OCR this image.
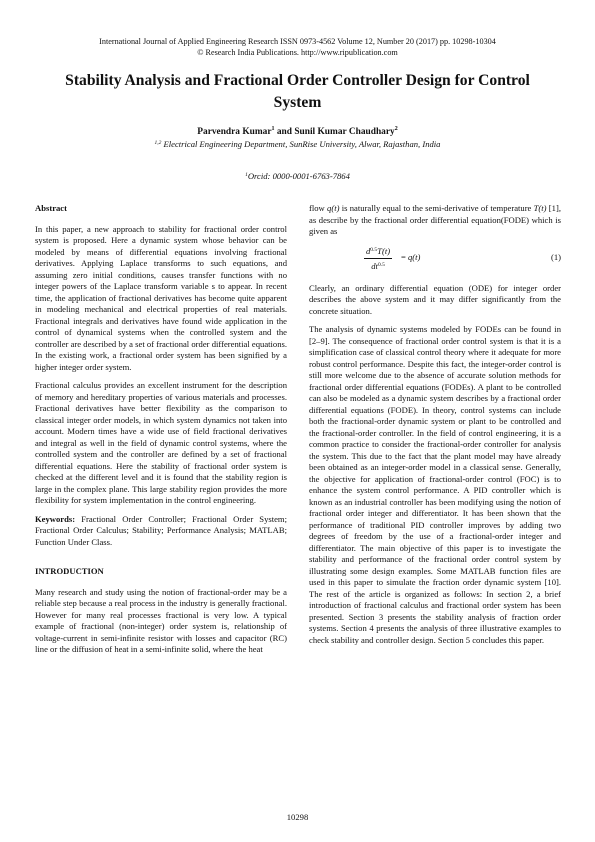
International Journal of Applied Engineering Research ISSN 0973-4562 Volume 12, Number 20 (2017) pp. 10298-10304
© Research India Publications. http://www.ripublication.com
Stability Analysis and Fractional Order Controller Design for Control System
Parvendra Kumar$^1$ and Sunil Kumar Chaudhary$^2$
$^{1,2}$ Electrical Engineering Department, SunRise University, Alwar, Rajasthan, India
$^1$Orcid: 0000-0001-6763-7864
Abstract

In this paper, a new approach to stability for fractional order control system is proposed. Here a dynamic system whose behavior can be modeled by means of differential equations involving fractional derivatives. Applying Laplace transforms to such equations, and assuming zero initial conditions, causes transfer functions with no integer powers of the Laplace transform variable s to appear. In recent time, the application of fractional derivatives has become quite apparent in modeling mechanical and electrical properties of real materials. Fractional integrals and derivatives have found wide application in the control of dynamical systems when the controlled system and the controller are described by a set of fractional order differential equations. In the existing work, a fractional order system has been signified by a higher integer order system.

Fractional calculus provides an excellent instrument for the description of memory and hereditary properties of various materials and processes. Fractional derivatives have better flexibility as the comparison to classical integer order models, in which system dynamics not taken into account. Modern times have a wide use of field fractional derivatives and integral as well in the field of dynamic control systems, where the controlled system and the controller are defined by a set of fractional differential equations. Here the stability of fractional order system is checked at the different level and it is found that the stability region is large in the complex plane. This large stability region provides the more flexibility for system implementation in the control engineering.

Keywords: Fractional Order Controller; Fractional Order System; Fractional Order Calculus; Stability; Performance Analysis; MATLAB; Function Under Class.

INTRODUCTION

Many research and study using the notion of fractional-order may be a reliable step because a real process in the industry is generally fractional. However for many real processes fractional is very low. A typical example of fractional (non-integer) order system is, relationship of voltage-current in semi-infinite resistor with losses and capacitor (RC) line or the diffusion of heat in a semi-infinite solid, where the heat

flow q(t) is naturally equal to the semi-derivative of temperature T(t) [1], as describe by the fractional order differential equation(FODE) which is given as

$\frac{d^{0.5}T(t)}{dt^{0.5}} = q(t)$	(1)

Clearly, an ordinary differential equation (ODE) for integer order describes the above system and it may differ significantly from the concrete situation.

The analysis of dynamic systems modeled by FODEs can be found in [2–9]. The consequence of fractional order control system is that it is a simplification case of classical control theory where it adequate for more robust control performance. Despite this fact, the integer-order control is still more welcome due to the absence of accurate solution methods for fractional order differential equations (FODEs). A plant to be controlled can also be modeled as a dynamic system describes by a fractional order differential equations (FODE). In theory, control systems can include both the fractional-order dynamic system or plant to be controlled and the fractional-order controller. In the field of control engineering, it is a common practice to consider the fractional-order controller for analysis the system. This due to the fact that the plant model may have already been obtained as an integer-order model in a classical sense. Generally, the objective for application of fractional-order control (FOC) is to enhance the system control performance. A PID controller which is known as an industrial controller has been modifying using the notion of fractional order integer and differentiator. It has been shown that the performance of traditional PID controller improves by adding two degrees of freedom by the use of a fractional-order integer and differentiator. The main objective of this paper is to investigate the stability and performance of the fractional order control system by illustrating some design examples. Some MATLAB function files are used in this paper to simulate the fraction order dynamic system [10]. The rest of the article is organized as follows: In section 2, a brief introduction of fractional calculus and fractional order system has been presented. Section 3 presents the stability analysis of fraction order systems. Section 4 presents the analysis of three illustrative examples to check stability and controller design. Section 5 concludes this paper.

10298
